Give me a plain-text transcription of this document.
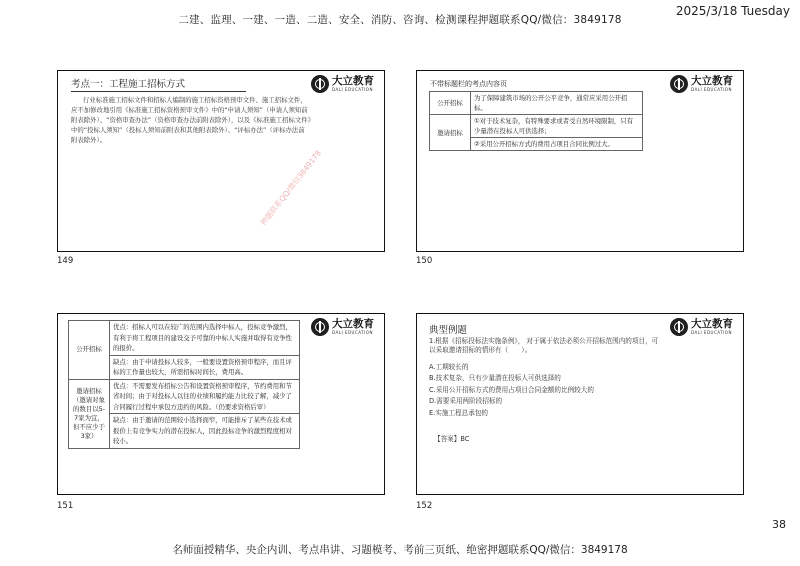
二建、监理、一建、一造、二造、安全、消防、咨询、检测课程押题联系QQ/微信：3849178
2025/3/18 Tuesday
考点一：工程施工招标方式	大立教育
DALI EDUCATION
行业标准施工招标文件和招标人编制的施工招标资格预审文件、施工招标文件，应不加修改地引用《标准施工招标资格预审文件》中的“申请人须知”（申请人须知前附表除外）、“资格审查办法”（资格审查办法前附表除外），以及《标准施工招标文件》中的“投标人须知”（投标人须知前附表和其他附表除外）、“评标办法”（评标办法前附表除外）。
押题联系QQ/微信3849178
149
不带标题栏的考点内容页	大立教育
DALI EDUCATION
公开招标	为了保障建筑市场的公开公平竞争，通常应采用公开招标。
邀请招标	①对于技术复杂，有特殊要求或者受自然环境限制，只有少量潜在投标人可供选择；
	②采用公开招标方式的费用占项目合同比例过大。
150
公开招标	优点：招标人可以在较广的范围内选择中标人，投标竞争激烈，有利于将工程项目的建设交予可靠的中标人实施并取得有竞争性的报价。
	缺点：由于申请投标人较多，一般要设置资格预审程序，而且评标的工作量也较大，所需招标时间长，费用高。
邀请招标（邀请对象的数目以5-7家为宜，但不应少于3家）	优点：不需要发布招标公告和设置资格预审程序，节约费用和节省时间；由于对投标人以往的业绩和履约能力比较了解，减少了合同履行过程中承包方违约的风险。（仍要求资格后审）
	缺点：由于邀请的范围较小选择面窄，可能排斥了某些在技术或报价上有竞争实力的潜在投标人，因此投标竞争的激烈程度相对较小。
大立教育
DALI EDUCATION
151
典型例题
大立教育
DALI EDUCATION
1.根据《招标投标法实施条例》， 对于属于依法必须公开招标范围内的项目，可以采取邀请招标的情形有（　　）。
A.工期较长的
B.技术复杂，只有少量潜在投标人可供选择的
C.采用公开招标方式的费用占项目合同金额的比例较大的
D.需要采用两阶段招标的
E.实施工程总承包的
【答案】BC
152
38
名师面授精华、央企内训、考点串讲、习题模考、考前三页纸、绝密押题联系QQ/微信：3849178
